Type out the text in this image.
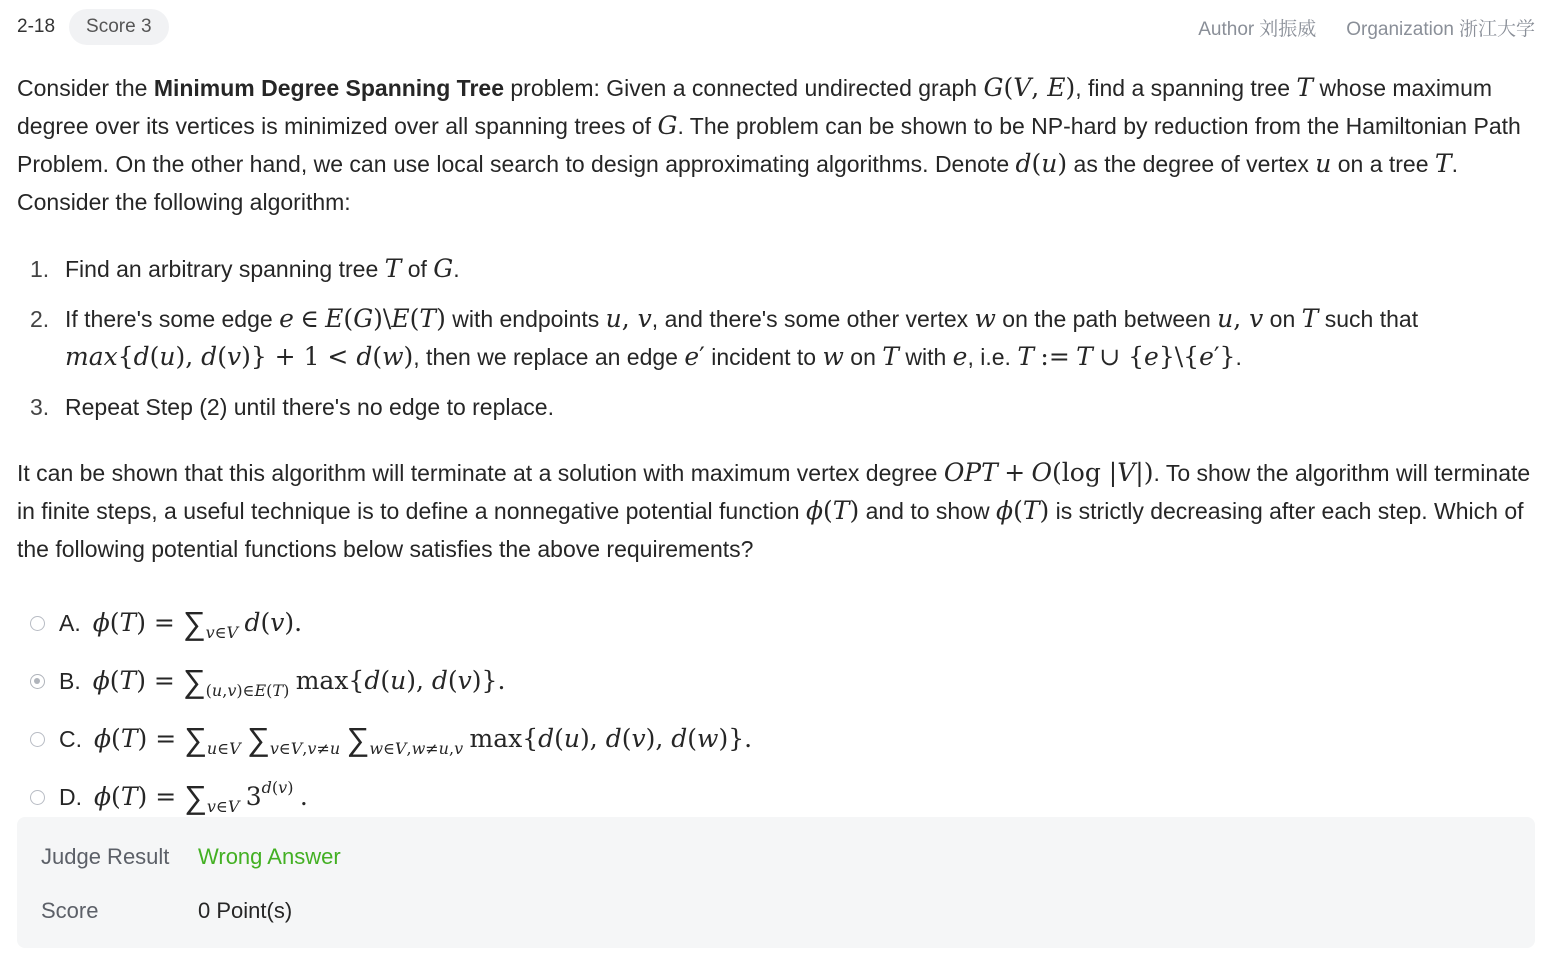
2-18	Score 3	Author 刘振威 Organization 浙江大学
Consider the Minimum Degree Spanning Tree problem: Given a connected undirected graph G(V, E), find a spanning tree T whose maximum degree over its vertices is minimized over all spanning trees of G. The problem can be shown to be NP-hard by reduction from the Hamiltonian Path Problem. On the other hand, we can use local search to design approximating algorithms. Denote d(u) as the degree of vertex u on a tree T. Consider the following algorithm:
1. Find an arbitrary spanning tree T of G.
2. If there's some edge e ∈ E(G)\E(T) with endpoints u, v, and there's some other vertex w on the path between u, v on T such that max{d(u), d(v)} + 1 < d(w), then we replace an edge e′ incident to w on T with e, i.e. T := T ∪ {e}\{e′}.
3. Repeat Step (2) until there's no edge to replace.
It can be shown that this algorithm will terminate at a solution with maximum vertex degree OPT + O(log |V|). To show the algorithm will terminate in finite steps, a useful technique is to define a nonnegative potential function ϕ(T) and to show ϕ(T) is strictly decreasing after each step. Which of the following potential functions below satisfies the above requirements?
A. $\phi(T) = \sum_{v\in V}$ d(v).
B. $\phi(T) = \sum_{(u,v)\in E(T)}$ max{d(u), d(v)}.
C. $\phi(T) = \sum_{u\in V}$ $\sum_{v\in V,v\ne u}$ $\sum_{w\in V,w\ne u,v}$ max{d(u), d(v), d(w)}.
D. $\phi(T) = \sum_{v\in V}$ $3^{d(v)}$ .
Judge Result	Wrong Answer
Score	0 Point(s)
